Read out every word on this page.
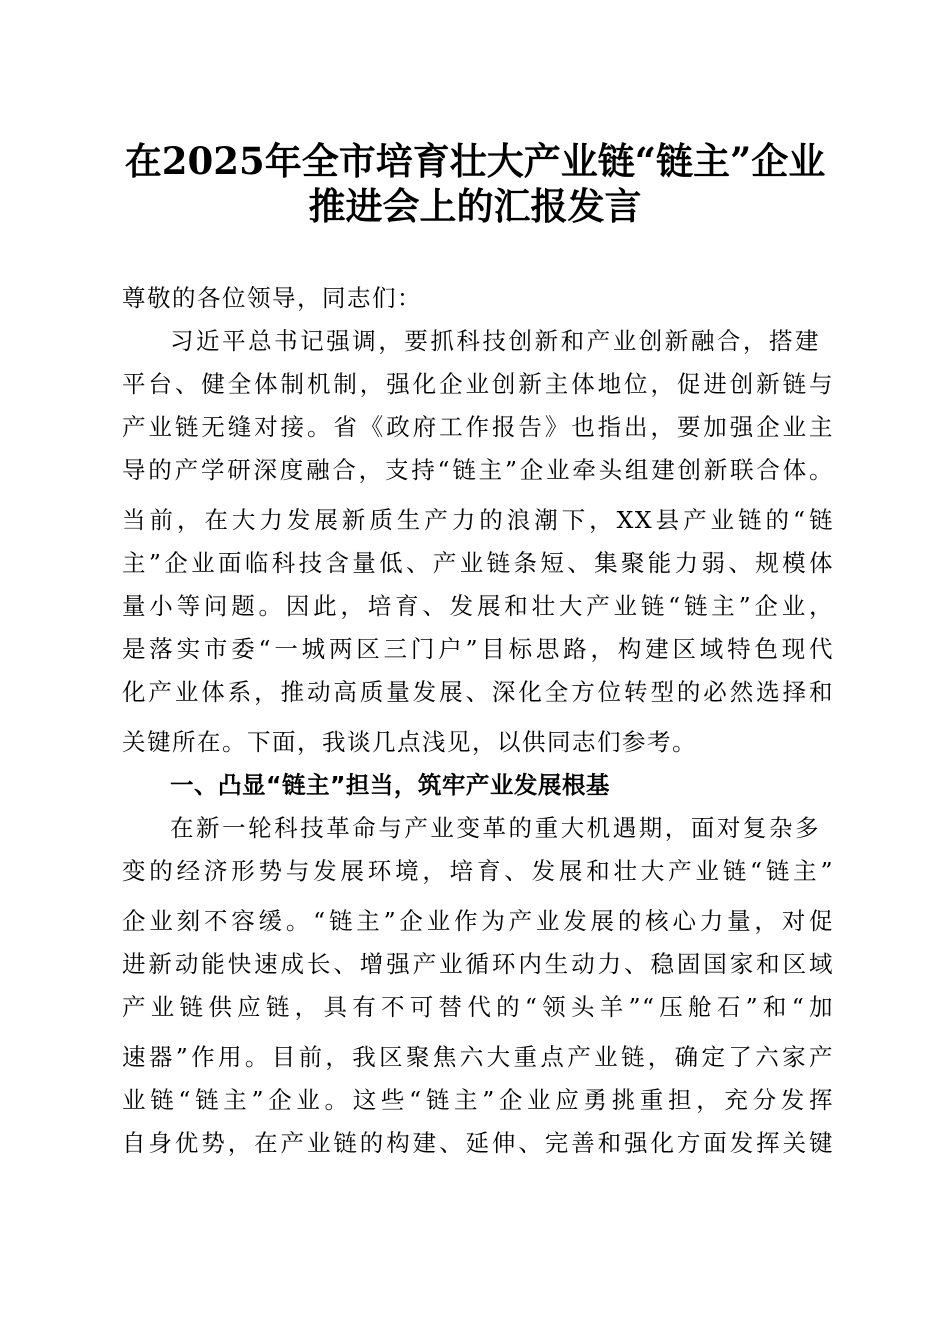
在2025年全市培育壮大产业链“链主”企业
推进会上的汇报发言

尊敬的各位领导，同志们：

习近平总书记强调，要抓科技创新和产业创新融合，搭建

平台、健全体制机制，强化企业创新主体地位，促进创新链与

产业链无缝对接。省《政府工作报告》也指出，要加强企业主

导的产学研深度融合，支持“链主”企业牵头组建创新联合体。

当前，在大力发展新质生产力的浪潮下，XX县产业链的“链

主”企业面临科技含量低、产业链条短、集聚能力弱、规模体

量小等问题。因此，培育、发展和壮大产业链“链主”企业，

是落实市委“一城两区三门户”目标思路，构建区域特色现代

化产业体系，推动高质量发展、深化全方位转型的必然选择和

关键所在。下面，我谈几点浅见，以供同志们参考。

一、凸显“链主”担当，筑牢产业发展根基

在新一轮科技革命与产业变革的重大机遇期，面对复杂多

变的经济形势与发展环境，培育、发展和壮大产业链“链主”

企业刻不容缓。“链主”企业作为产业发展的核心力量，对促

进新动能快速成长、增强产业循环内生动力、稳固国家和区域

产业链供应链，具有不可替代的“领头羊”“压舱石”和“加

速器”作用。目前，我区聚焦六大重点产业链，确定了六家产

业链“链主”企业。这些“链主”企业应勇挑重担，充分发挥

自身优势，在产业链的构建、延伸、完善和强化方面发挥关键
